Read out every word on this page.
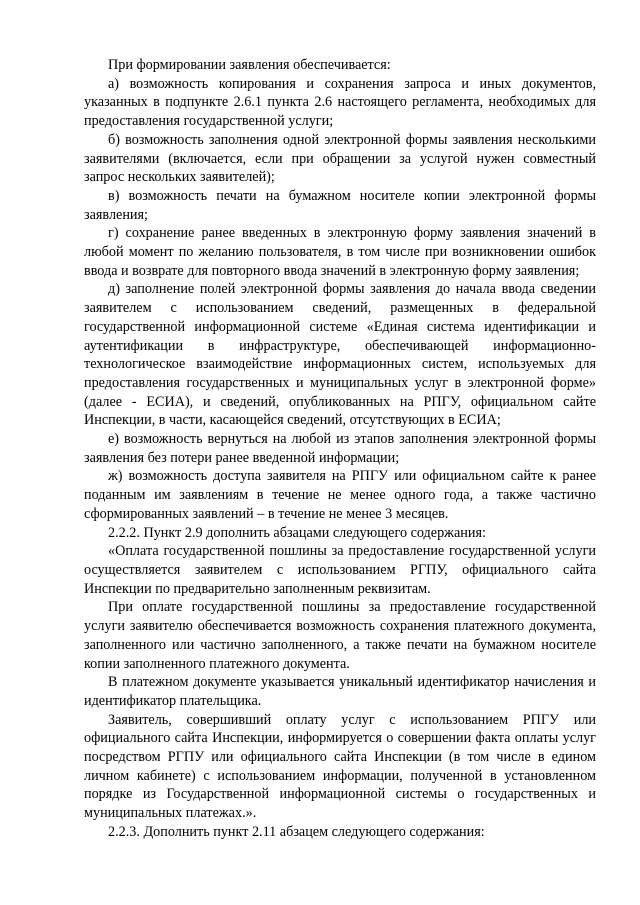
При формировании заявления обеспечивается:

а) возможность копирования и сохранения запроса и иных документов, указанных в подпункте 2.6.1 пункта 2.6 настоящего регламента, необходимых для предоставления государственной услуги;

б) возможность заполнения одной электронной формы заявления несколькими заявителями (включается, если при обращении за услугой нужен совместный запрос нескольких заявителей);

в) возможность печати на бумажном носителе копии электронной формы заявления;

г) сохранение ранее введенных в электронную форму заявления значений в любой момент по желанию пользователя, в том числе при возникновении ошибок ввода и возврате для повторного ввода значений в электронную форму заявления;

д) заполнение полей электронной формы заявления до начала ввода сведении заявителем с использованием сведений, размещенных в федеральной государственной информационной системе «Единая система идентификации и аутентификации в инфраструктуре, обеспечивающей информационно-технологическое взаимодействие информационных систем, используемых для предоставления государственных и муниципальных услуг в электронной форме» (далее - ЕСИА), и сведений, опубликованных на РПГУ, официальном сайте Инспекции, в части, касающейся сведений, отсутствующих в ЕСИА;

е) возможность вернуться на любой из этапов заполнения электронной формы заявления без потери ранее введенной информации;

ж) возможность доступа заявителя на РПГУ или официальном сайте к ранее поданным им заявлениям в течение не менее одного года, а также частично сформированных заявлений – в течение не менее 3 месяцев.

2.2.2. Пункт 2.9 дополнить абзацами следующего содержания:

«Оплата государственной пошлины за предоставление государственной услуги осуществляется заявителем с использованием РГПУ, официального сайта Инспекции по предварительно заполненным реквизитам.

При оплате государственной пошлины за предоставление государственной услуги заявителю обеспечивается возможность сохранения платежного документа, заполненного или частично заполненного, а также печати на бумажном носителе копии заполненного платежного документа.

В платежном документе указывается уникальный идентификатор начисления и идентификатор плательщика.

Заявитель, совершивший оплату услуг с использованием РПГУ или официального сайта Инспекции, информируется о совершении факта оплаты услуг посредством РГПУ или официального сайта Инспекции (в том числе в едином личном кабинете) с использованием информации, полученной в установленном порядке из Государственной информационной системы о государственных и муниципальных платежах.».

2.2.3. Дополнить пункт 2.11 абзацем следующего содержания:
